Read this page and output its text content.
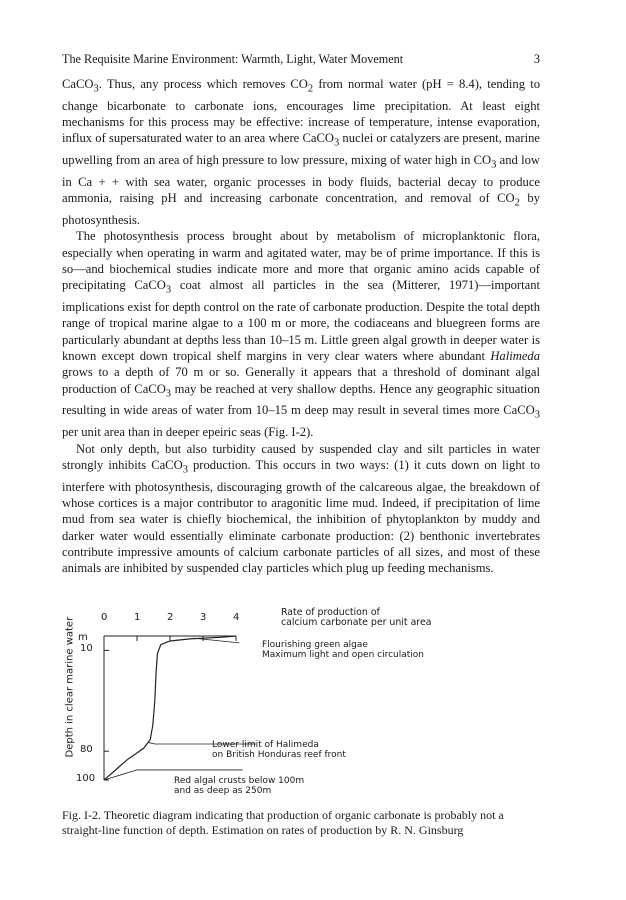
The Requisite Marine Environment: Warmth, Light, Water Movement	3

CaCO$_3$. Thus, any process which removes $CO_2$ from normal water (pH = 8.4), tending to change bicarbonate to carbonate ions, encourages lime precipitation. At least eight mechanisms for this process may be effective: increase of temperature, intense evaporation, influx of supersaturated water to an area where CaCO$_3$ nuclei or catalyzers are present, marine upwelling from an area of high pressure to low pressure, mixing of water high in $CO_3$ and low in Ca + + with sea water, organic processes in body fluids, bacterial decay to produce ammonia, raising pH and increasing carbonate concentration, and removal of $CO_2$ by photosynthesis.

The photosynthesis process brought about by metabolism of microplanktonic flora, especially when operating in warm and agitated water, may be of prime importance. If this is so—and biochemical studies indicate more and more that organic amino acids capable of precipitating CaCO$_3$ coat almost all particles in the sea (Mitterer, 1971)—important implications exist for depth control on the rate of carbonate production. Despite the total depth range of tropical marine algae to a 100 m or more, the codiaceans and bluegreen forms are particularly abundant at depths less than 10–15 m. Little green algal growth in deeper water is known except down tropical shelf margins in very clear waters where abundant Halimeda grows to a depth of 70 m or so. Generally it appears that a threshold of dominant algal production of CaCO$_3$ may be reached at very shallow depths. Hence any geographic situation resulting in wide areas of water from 10–15 m deep may result in several times more CaCO$_3$ per unit area than in deeper epeiric seas (Fig. I-2).

Not only depth, but also turbidity caused by suspended clay and silt particles in water strongly inhibits CaCO$_3$ production. This occurs in two ways: (1) it cuts down on light to interfere with photosynthesis, discouraging growth of the calcareous algae, the breakdown of whose cortices is a major contributor to aragonitic lime mud. Indeed, if precipitation of lime mud from sea water is chiefly biochemical, the inhibition of phytoplankton by muddy and darker water would essentially eliminate carbonate production: (2) benthonic invertebrates contribute impressive amounts of calcium carbonate particles of all sizes, and most of these animals are inhibited by suspended clay particles which plug up feeding mechanisms.

0	1	2	3	4	Rate of production of
calcium carbonate per unit area
m
10
80
100
Depth in clear marine water	Flourishing green algae
Maximum light and open circulation
Lower limit of Halimeda
on British Honduras reef front
Red algal crusts below 100m
and as deep as 250m
Fig. I-2. Theoretic diagram indicating that production of organic carbonate is probably not a straight-line function of depth. Estimation on rates of production by R. N. Ginsburg
